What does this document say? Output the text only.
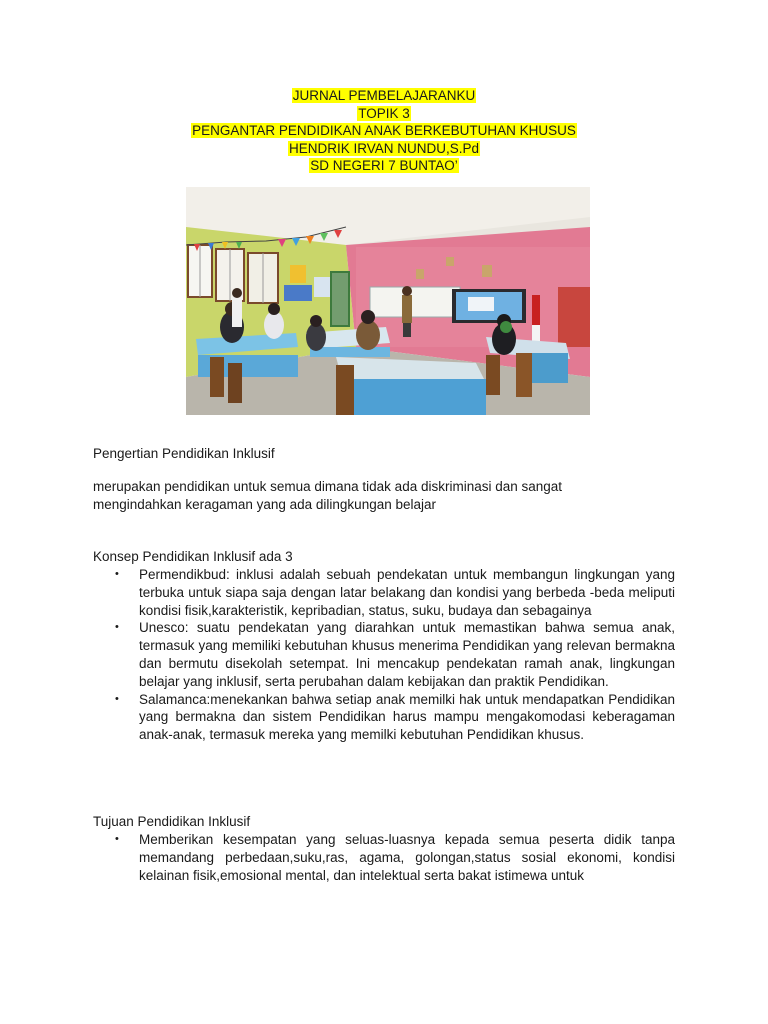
JURNAL PEMBELAJARANKU
TOPIK 3
PENGANTAR PENDIDIKAN ANAK BERKEBUTUHAN KHUSUS
HENDRIK IRVAN NUNDU,S.Pd
SD NEGERI 7 BUNTAO’
Pengertian Pendidikan Inklusif
merupakan pendidikan untuk semua dimana tidak ada diskriminasi dan sangat
mengindahkan keragaman yang ada dilingkungan belajar
Konsep Pendidikan Inklusif ada 3
• Permendikbud: inklusi adalah sebuah pendekatan untuk membangun lingkungan yang terbuka untuk siapa saja dengan latar belakang dan kondisi yang berbeda -beda meliputi kondisi fisik,karakteristik, kepribadian, status, suku, budaya dan sebagainya
• Unesco: suatu pendekatan yang diarahkan untuk memastikan bahwa semua anak, termasuk yang memiliki kebutuhan khusus menerima Pendidikan yang relevan bermakna dan bermutu disekolah setempat. Ini mencakup pendekatan ramah anak, lingkungan belajar yang inklusif, serta perubahan dalam kebijakan dan praktik Pendidikan.
• Salamanca:menekankan bahwa setiap anak memilki hak untuk mendapatkan Pendidikan yang bermakna dan sistem Pendidikan harus mampu mengakomodasi keberagaman anak-anak, termasuk mereka yang memilki kebutuhan Pendidikan khusus.
Tujuan Pendidikan Inklusif
• Memberikan kesempatan yang seluas-luasnya kepada semua peserta didik tanpa memandang perbedaan,suku,ras, agama, golongan,status sosial ekonomi, kondisi kelainan fisik,emosional mental, dan intelektual serta bakat istimewa untuk
